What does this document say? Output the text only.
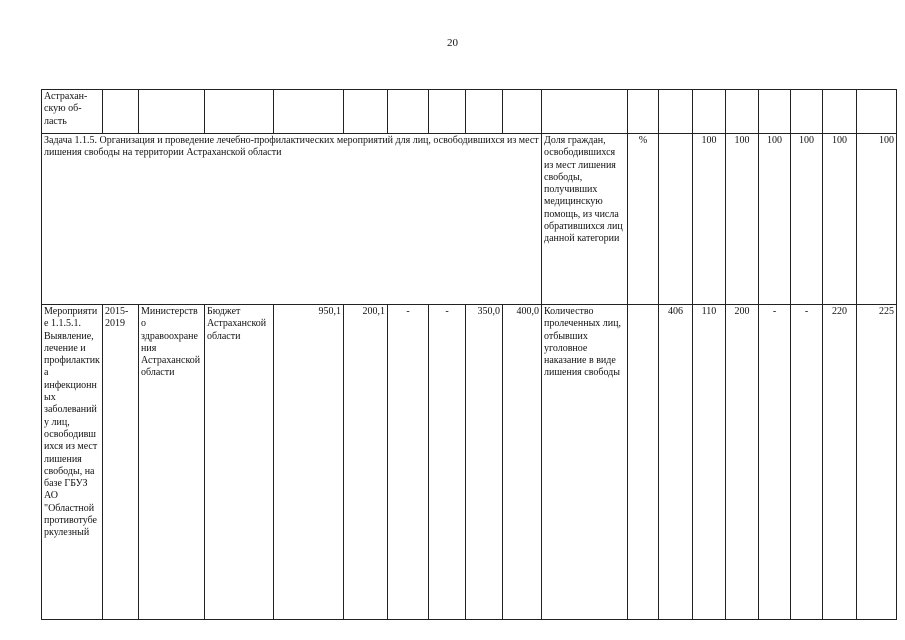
20
Астрахан-скую об-ласть																		

Задача 1.1.5. Организация и проведение лечебно-профилактических мероприятий для лиц, освободившихся из мест лишения свободы на территории Астраханской области										Доля граждан, освободившихся из мест лишения свободы, получивших медицинскую помощь, из числа обратившихся лиц данной категории	%		100	100	100	100	100	100
Мероприятие 1.1.5.1. Выявление, лечение и профилактика инфекционных заболеваний у лиц, освободившихся из мест лишения свободы, на базе ГБУЗ АО "Областной противотуберкулезный	2015-2019	Министерство здравоохранения Астраханской области	Бюджет Астраханской области	950,1	200,1	-	-	350,0	400,0	Количество пролеченных лиц, отбывших уголовное наказание в виде лишения свободы		406	110	200	-	-	220	225
